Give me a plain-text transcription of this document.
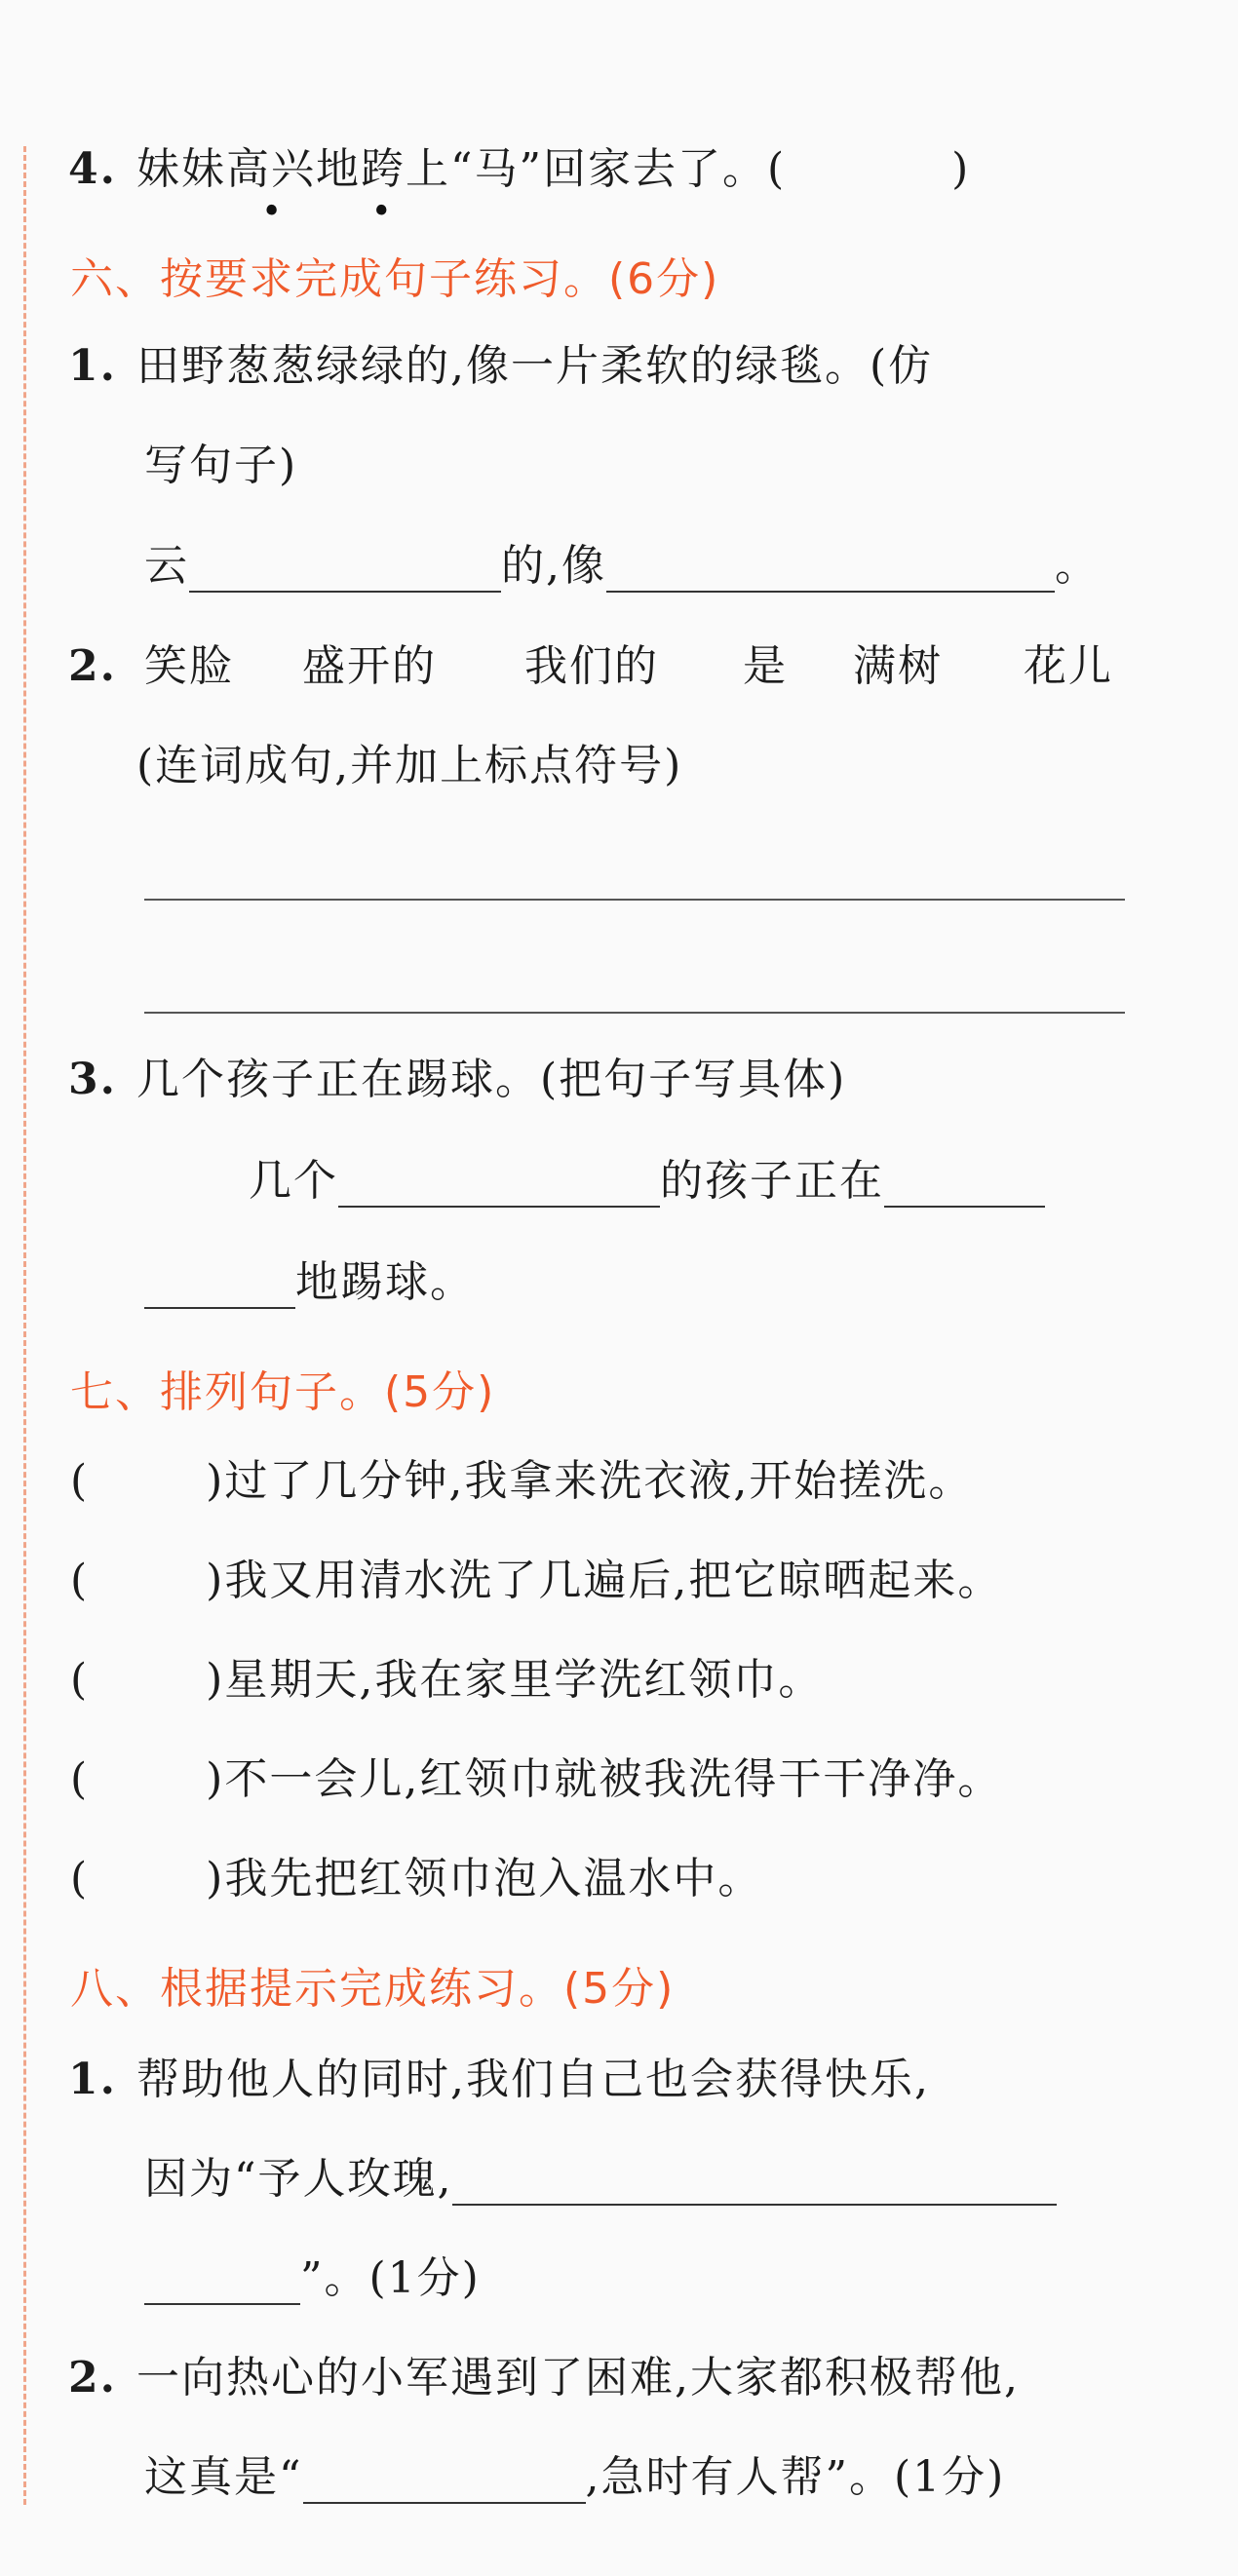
4. 妹妹高兴地跨上“马”回家去了。(	)
• •
六、按要求完成句子练习。(6分)
1. 田野葱葱绿绿的,像一片柔软的绿毯。(仿
写句子)
云	的,像	。
2. 笑脸 盛开的 我们的 是 满树 花儿
(连词成句,并加上标点符号)
3. 几个孩子正在踢球。(把句子写具体)
几个	的孩子正在
地踢球。
七、排列句子。(5分)
(	)过了几分钟,我拿来洗衣液,开始搓洗。
(	)我又用清水洗了几遍后,把它晾晒起来。
(	)星期天,我在家里学洗红领巾。
(	)不一会儿,红领巾就被我洗得干干净净。
(	)我先把红领巾泡入温水中。
八、根据提示完成练习。(5分)
1. 帮助他人的同时,我们自己也会获得快乐,
因为“予人玫瑰,
”。(1分)
2. 一向热心的小军遇到了困难,大家都积极帮他,
这真是“	,急时有人帮”。(1分)
